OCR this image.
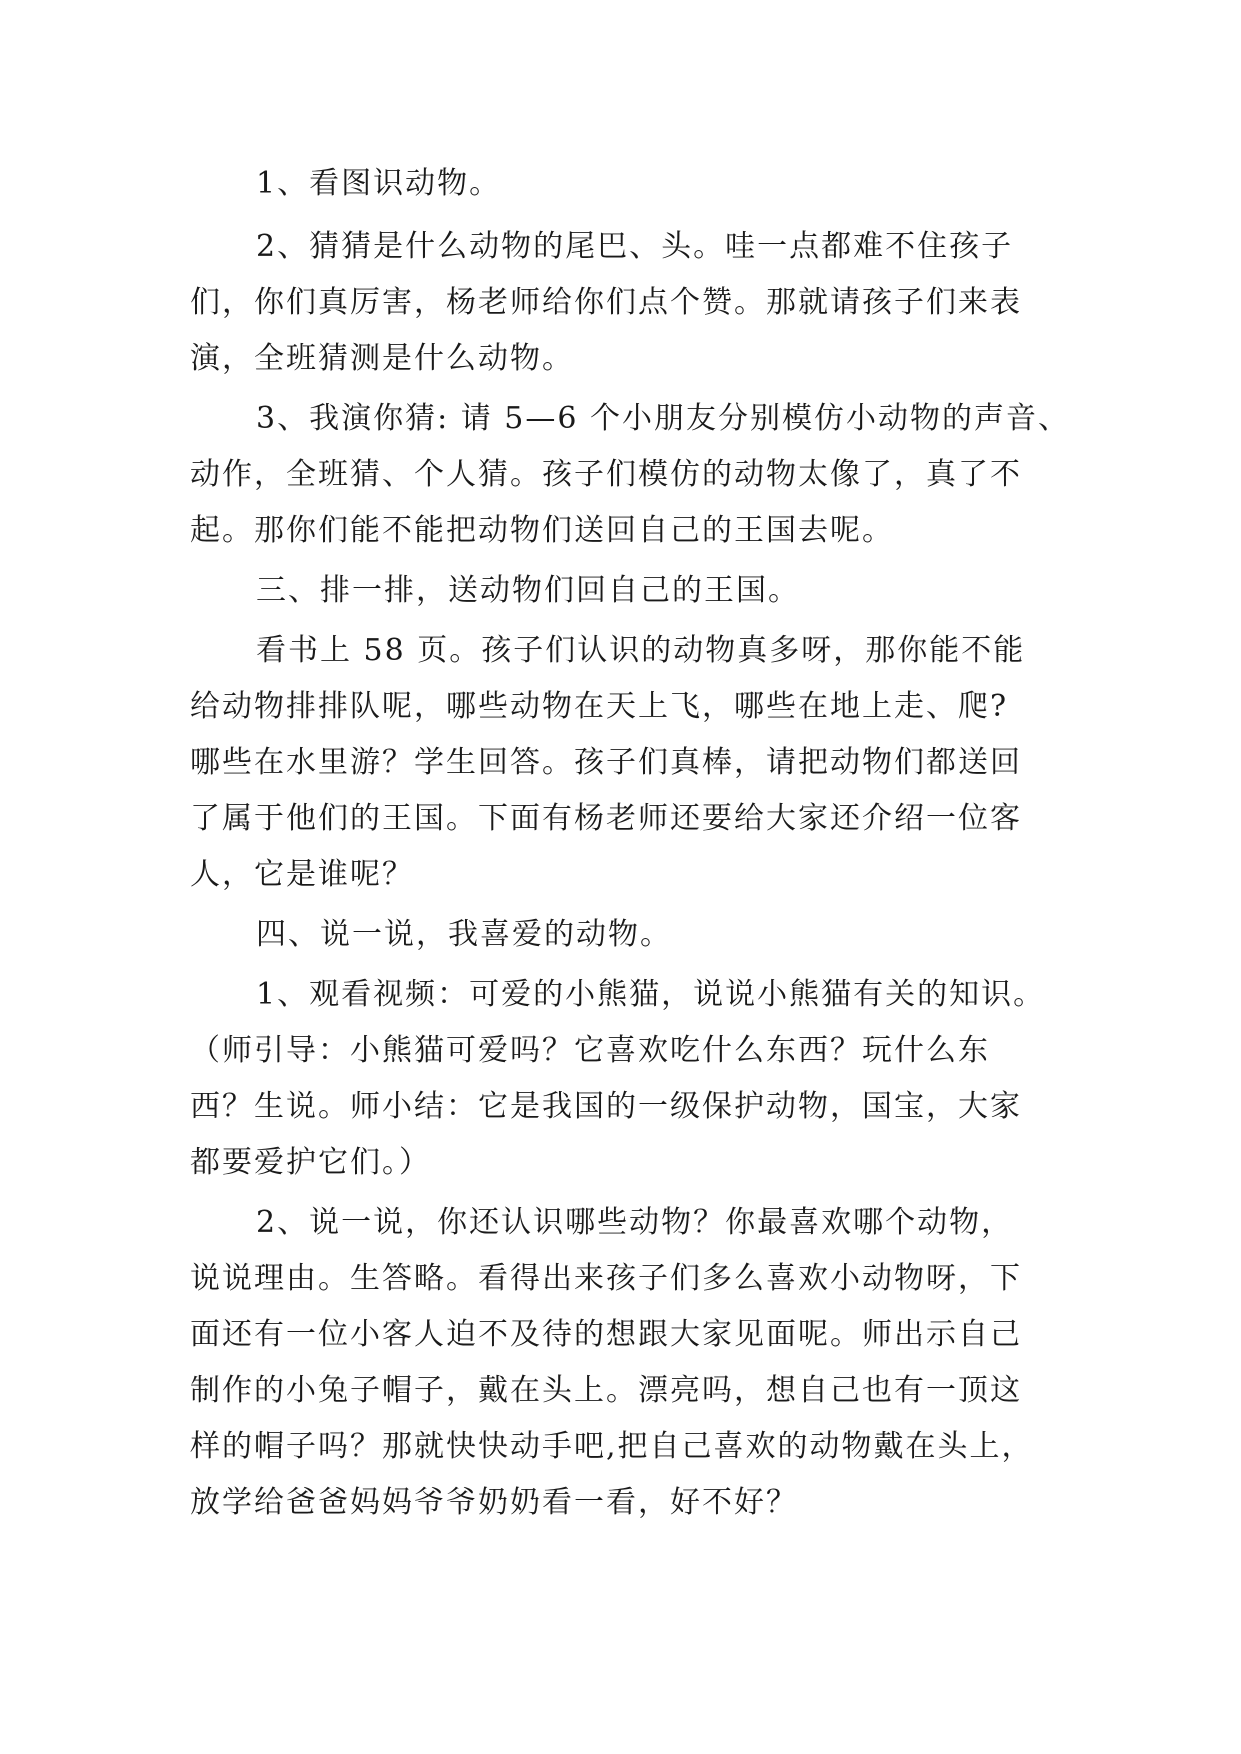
1、看图识动物。
2、猜猜是什么动物的尾巴、头。哇一点都难不住孩子
们，你们真厉害，杨老师给你们点个赞。那就请孩子们来表
演，全班猜测是什么动物。
3、我演你猜: 请 5—6 个小朋友分别模仿小动物的声音、
动作，全班猜、个人猜。孩子们模仿的动物太像了，真了不
起。那你们能不能把动物们送回自己的王国去呢。
三、排一排，送动物们回自己的王国。
看书上 58 页。孩子们认识的动物真多呀，那你能不能
给动物排排队呢，哪些动物在天上飞，哪些在地上走、爬?
哪些在水里游？学生回答。孩子们真棒，请把动物们都送回
了属于他们的王国。下面有杨老师还要给大家还介绍一位客
人，它是谁呢？
四、说一说，我喜爱的动物。
1、观看视频：可爱的小熊猫，说说小熊猫有关的知识。
（师引导：小熊猫可爱吗？它喜欢吃什么东西？玩什么东
西？生说。师小结：它是我国的一级保护动物，国宝，大家
都要爱护它们。）
2、说一说，你还认识哪些动物？你最喜欢哪个动物，
说说理由。生答略。看得出来孩子们多么喜欢小动物呀，下
面还有一位小客人迫不及待的想跟大家见面呢。师出示自己
制作的小兔子帽子，戴在头上。漂亮吗，想自己也有一顶这
样的帽子吗？那就快快动手吧,把自己喜欢的动物戴在头上，
放学给爸爸妈妈爷爷奶奶看一看，好不好？
